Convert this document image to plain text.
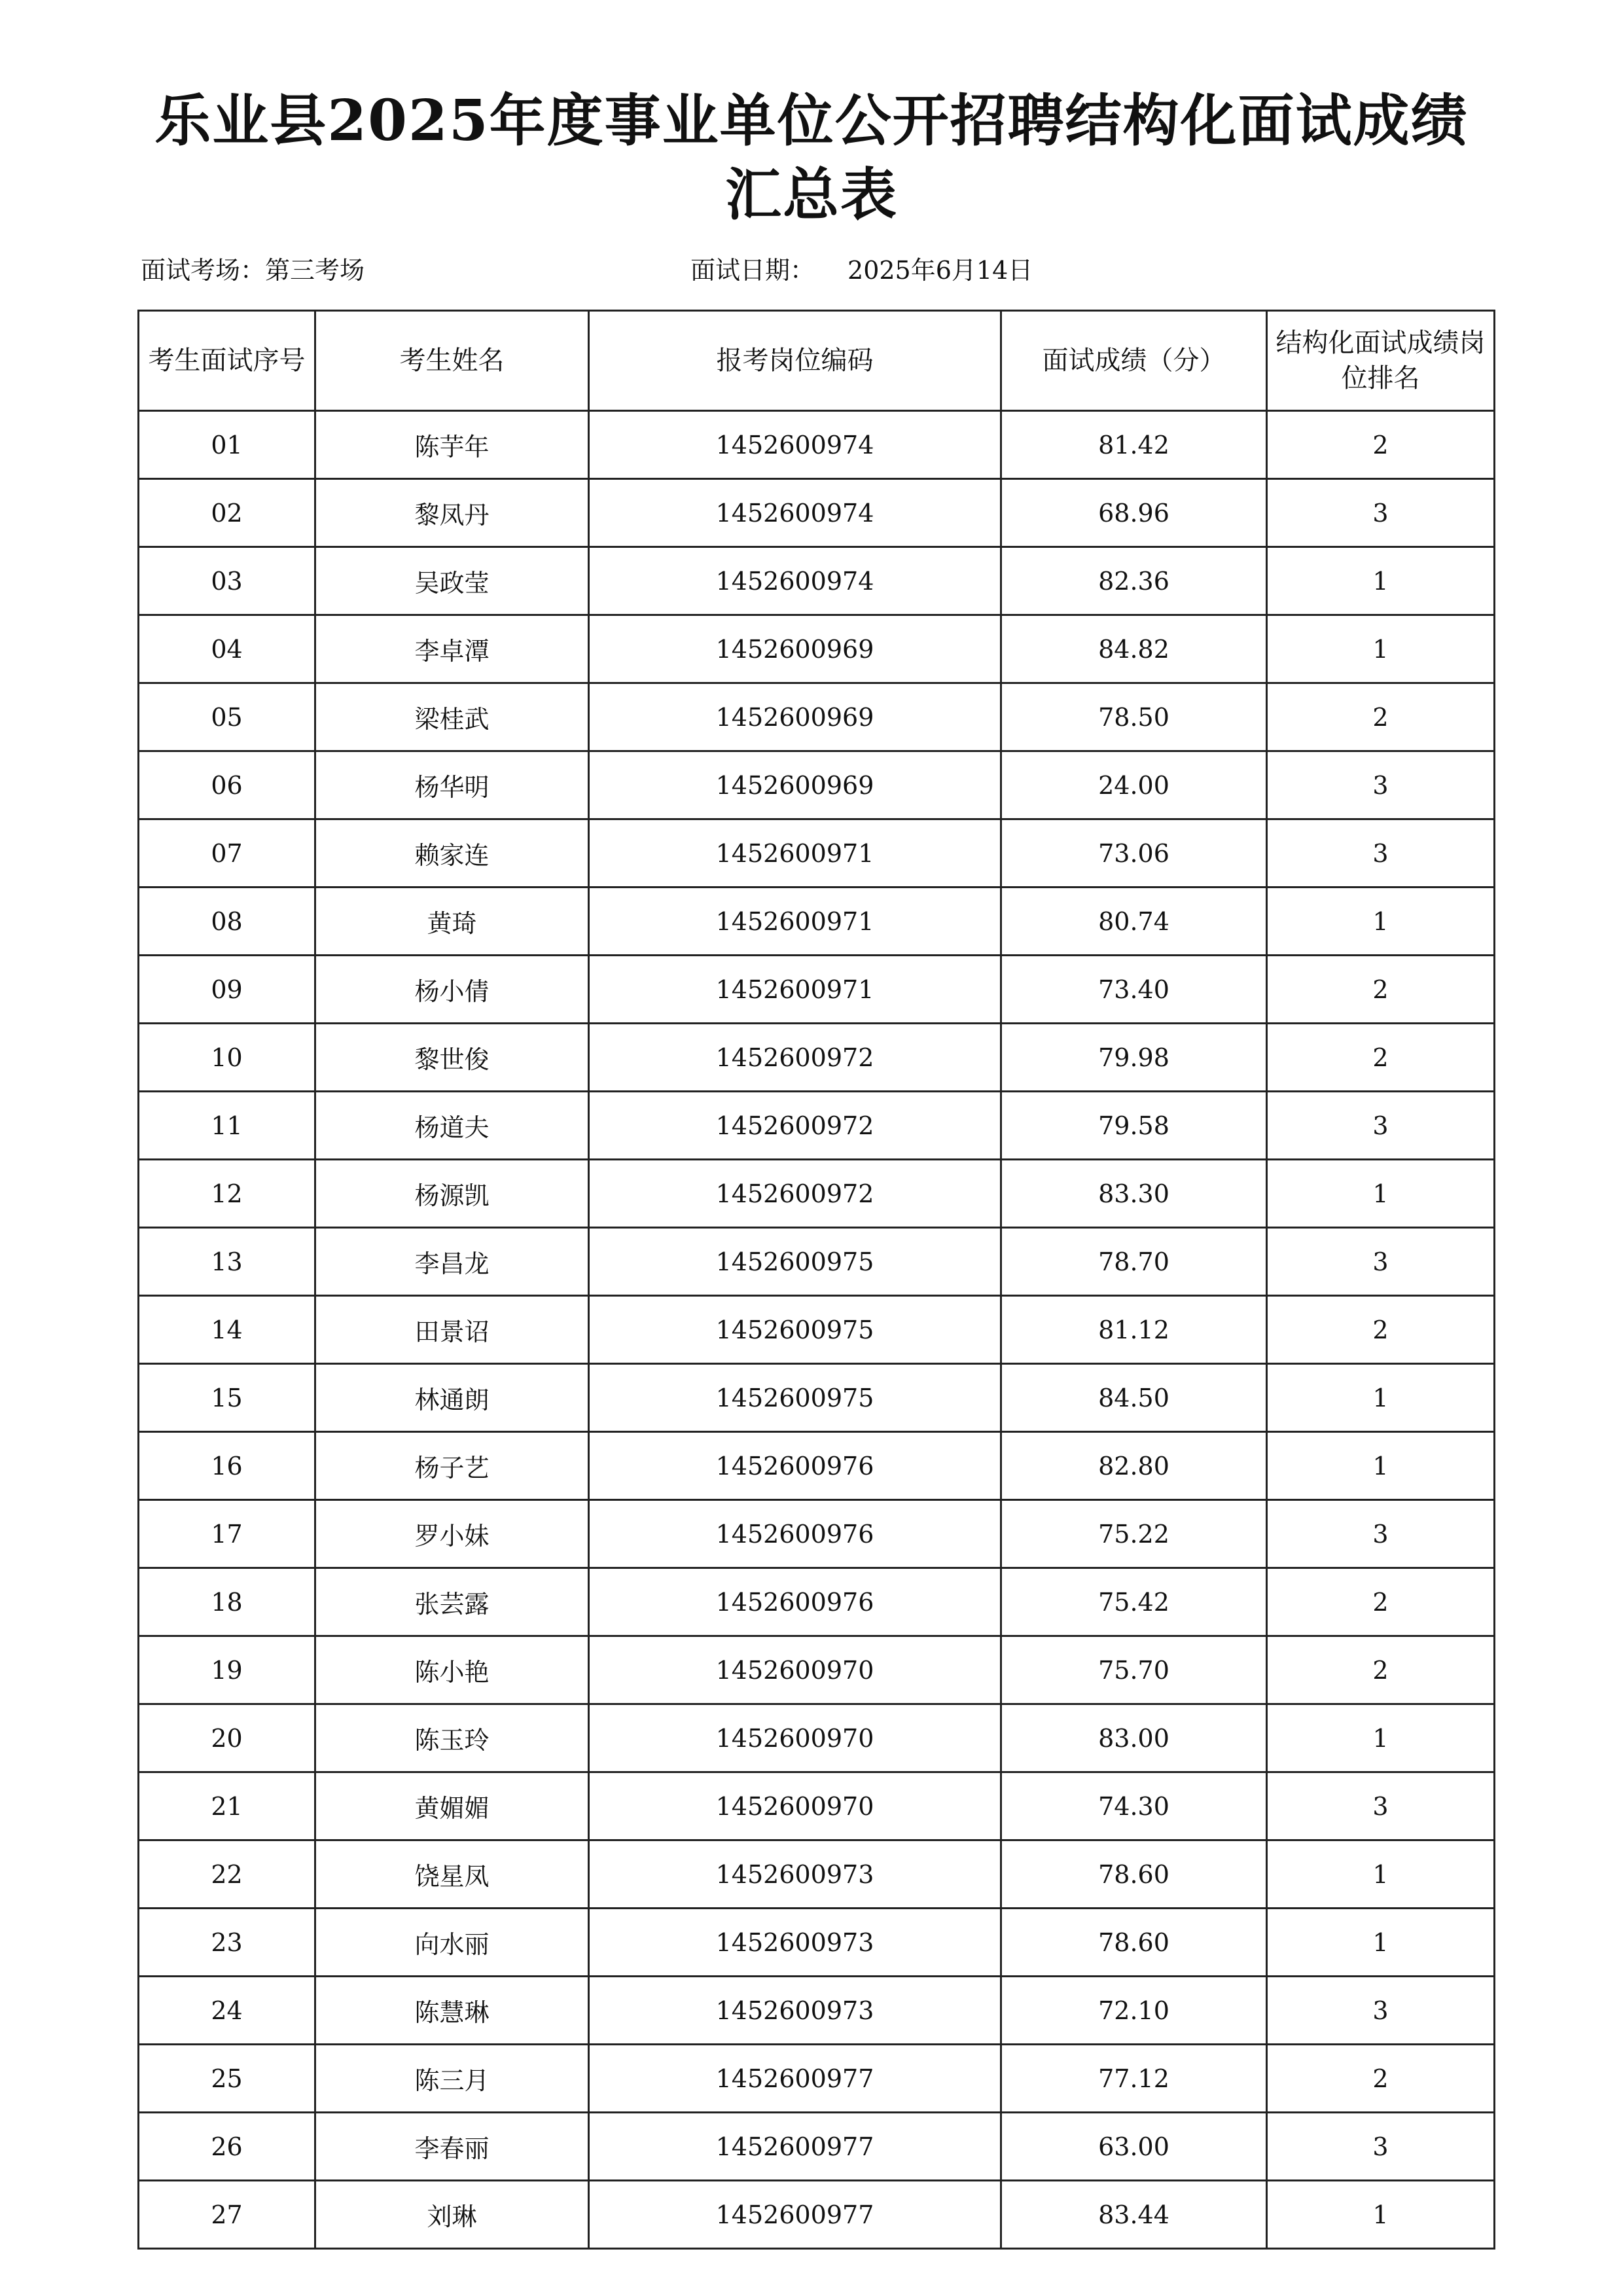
乐业县2025年度事业单位公开招聘结构化面试成绩
汇总表
面试考场：第三考场	面试日期： 2025年6月14日
考生面试序号	考生姓名	报考岗位编码	面试成绩（分）	结构化面试成绩岗位排名
01	陈芋年	1452600974	81.42	2
02	黎凤丹	1452600974	68.96	3
03	吴政莹	1452600974	82.36	1
04	李卓潭	1452600969	84.82	1
05	梁桂武	1452600969	78.50	2
06	杨华明	1452600969	24.00	3
07	赖家连	1452600971	73.06	3
08	黄琦	1452600971	80.74	1
09	杨小倩	1452600971	73.40	2
10	黎世俊	1452600972	79.98	2
11	杨道夫	1452600972	79.58	3
12	杨源凯	1452600972	83.30	1
13	李昌龙	1452600975	78.70	3
14	田景诏	1452600975	81.12	2
15	林通朗	1452600975	84.50	1
16	杨子艺	1452600976	82.80	1
17	罗小妹	1452600976	75.22	3
18	张芸露	1452600976	75.42	2
19	陈小艳	1452600970	75.70	2
20	陈玉玲	1452600970	83.00	1
21	黄媚媚	1452600970	74.30	3
22	饶星凤	1452600973	78.60	1
23	向水丽	1452600973	78.60	1
24	陈慧琳	1452600973	72.10	3
25	陈三月	1452600977	77.12	2
26	李春丽	1452600977	63.00	3
27	刘琳	1452600977	83.44	1
